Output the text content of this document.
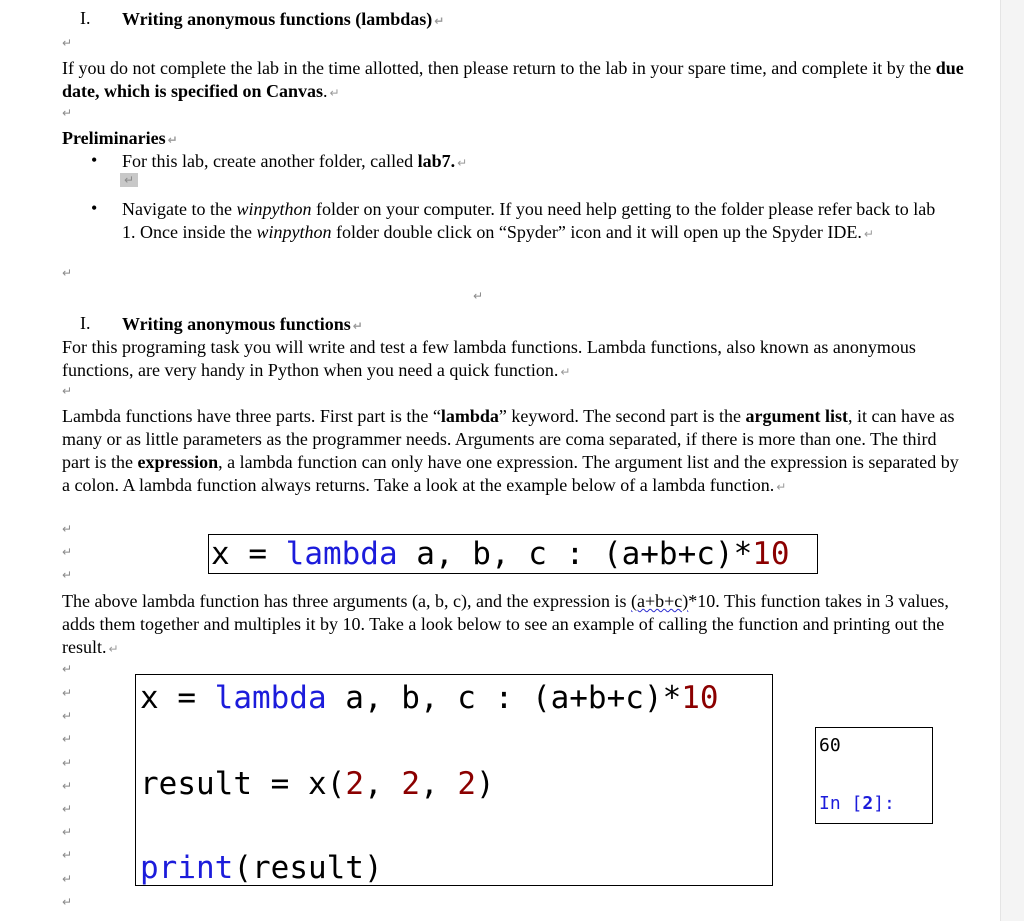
I. Writing anonymous functions (lambdas) ↵
↵
If you do not complete the lab in the time allotted, then please return to the lab in your spare time, and complete it by the due date, which is specified on Canvas. ↵
↵
Preliminaries ↵
• For this lab, create another folder, called lab7. ↵
↵
• Navigate to the winpython folder on your computer. If you need help getting to the folder please refer back to lab 1. Once inside the winpython folder double click on “Spyder” icon and it will open up the Spyder IDE. ↵
↵
↵
I. Writing anonymous functions ↵
For this programing task you will write and test a few lambda functions. Lambda functions, also known as anonymous functions, are very handy in Python when you need a quick function. ↵
↵
Lambda functions have three parts. First part is the “lambda” keyword. The second part is the argument list, it can have as many or as little parameters as the programmer needs. Arguments are coma separated, if there is more than one. The third part is the expression, a lambda function can only have one expression. The argument list and the expression is separated by a colon. A lambda function always returns. Take a look at the example below of a lambda function. ↵
↵
↵
↵
x = lambda a, b, c : (a+b+c)*10
The above lambda function has three arguments (a, b, c), and the expression is (a+b+c)*10. This function takes in 3 values, adds them together and multiples it by 10. Take a look below to see an example of calling the function and printing out the result. ↵
↵
↵
↵
↵
↵
↵
↵
↵
↵
↵
↵

x = lambda a, b, c : (a+b+c)*10

result = x(2, 2, 2)

print(result)

60
In [2]:
